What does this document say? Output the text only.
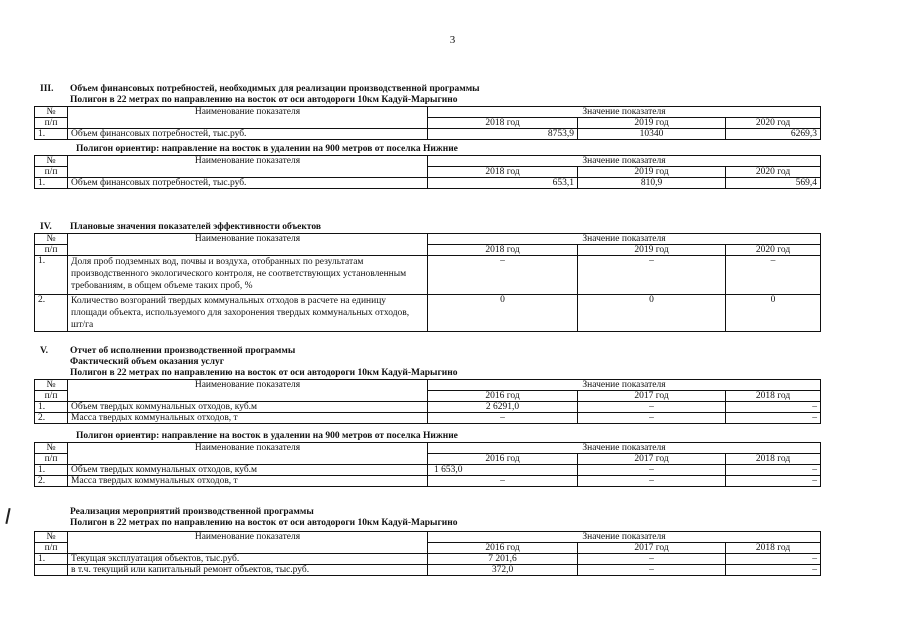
3
III. Объем финансовых потребностей, необходимых для реализации производственной программы
Полигон в 22 метрах по направлению на восток от оси автодороги 10км Кадуй-Марыгино
№	Наименование показателя	Значение показателя		
п/п		2018 год	2019 год	2020 год
1.	Объем финансовых потребностей, тыс.руб.	8753,9	10340	6269,3
Полигон ориентир: направление на восток в удалении на 900 метров от поселка Нижние
№	Наименование показателя	Значение показателя		
п/п		2018 год	2019 год	2020 год
1.	Объем финансовых потребностей, тыс.руб.	653,1	810,9	569,4
IV. Плановые значения показателей эффективности объектов
№	Наименование показателя	Значение показателя		
п/п		2018 год	2019 год	2020 год
1.	Доля проб подземных вод, почвы и воздуха, отобранных по результатам производственного экологического контроля, не соответствующих установленным требованиям, в общем объеме таких проб, %	–	–	–
2.	Количество возгораний твердых коммунальных отходов в расчете на единицу площади объекта, используемого для захоронения твердых коммунальных отходов, шт/га	0	0	0
V. Отчет об исполнении производственной программы
Фактический объем оказания услуг
Полигон в 22 метрах по направлению на восток от оси автодороги 10км Кадуй-Марыгино
№	Наименование показателя	Значение показателя		
п/п		2016 год	2017 год	2018 год
1.	Объем твердых коммунальных отходов, куб.м	2 6291,0	–	–
2.	Масса твердых коммунальных отходов, т	–	–	–
Полигон ориентир: направление на восток в удалении на 900 метров от поселка Нижние
№	Наименование показателя	Значение показателя		
п/п		2016 год	2017 год	2018 год
1.	Объем твердых коммунальных отходов, куб.м	1 653,0	–	–
2.	Масса твердых коммунальных отходов, т	–	–	–
Реализация мероприятий производственной программы
Полигон в 22 метрах по направлению на восток от оси автодороги 10км Кадуй-Марыгино
№	Наименование показателя	Значение показателя		
п/п		2016 год	2017 год	2018 год
1.	Текущая эксплуатация объектов, тыс.руб.	7 201,6	–	–
	в т.ч. текущий или капитальный ремонт объектов, тыс.руб.	372,0	–	–
